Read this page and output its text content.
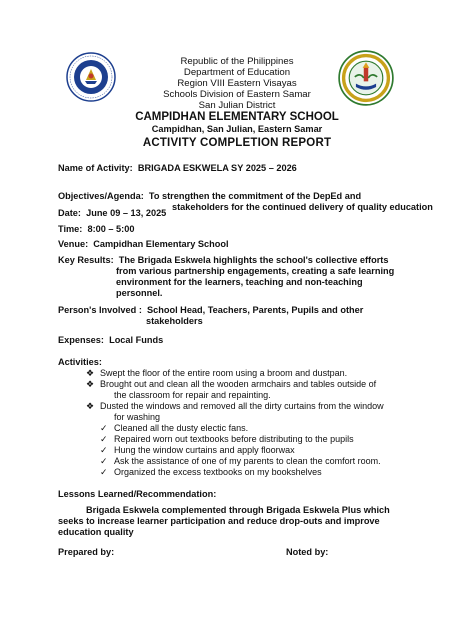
Republic of the Philippines
Department of Education
Region VIII Eastern Visayas
Schools Division of Eastern Samar
San Julian District
CAMPIDHAN ELEMENTARY SCHOOL
Campidhan, San Julian, Eastern Samar
ACTIVITY COMPLETION REPORT
Name of Activity: BRIGADA ESKWELA SY 2025 – 2026
Objectives/Agenda: To strengthen the commitment of the DepEd and
stakeholders for the continued delivery of quality education
Date: June 09 – 13, 2025
Time: 8:00 – 5:00
Venue: Campidhan Elementary School
Key Results: The Brigada Eskwela highlights the school's collective efforts
from various partnership engagements, creating a safe learning
environment for the learners, teaching and non-teaching
personnel.
Person's Involved : School Head, Teachers, Parents, Pupils and other
stakeholders
Expenses: Local Funds
Activities:
❖ Swept the floor of the entire room using a broom and dustpan.
❖ Brought out and clean all the wooden armchairs and tables outside of
the classroom for repair and repainting.
❖ Dusted the windows and removed all the dirty curtains from the window
for washing
✓ Cleaned all the dusty electic fans.
✓ Repaired worn out textbooks before distributing to the pupils
✓ Hung the window curtains and apply floorwax
✓ Ask the assistance of one of my parents to clean the comfort room.
✓ Organized the excess textbooks on my bookshelves
Lessons Learned/Recommendation:
Brigada Eskwela complemented through Brigada Eskwela Plus which
seeks to increase learner participation and reduce drop-outs and improve
education quality
Prepared by:	Noted by:
